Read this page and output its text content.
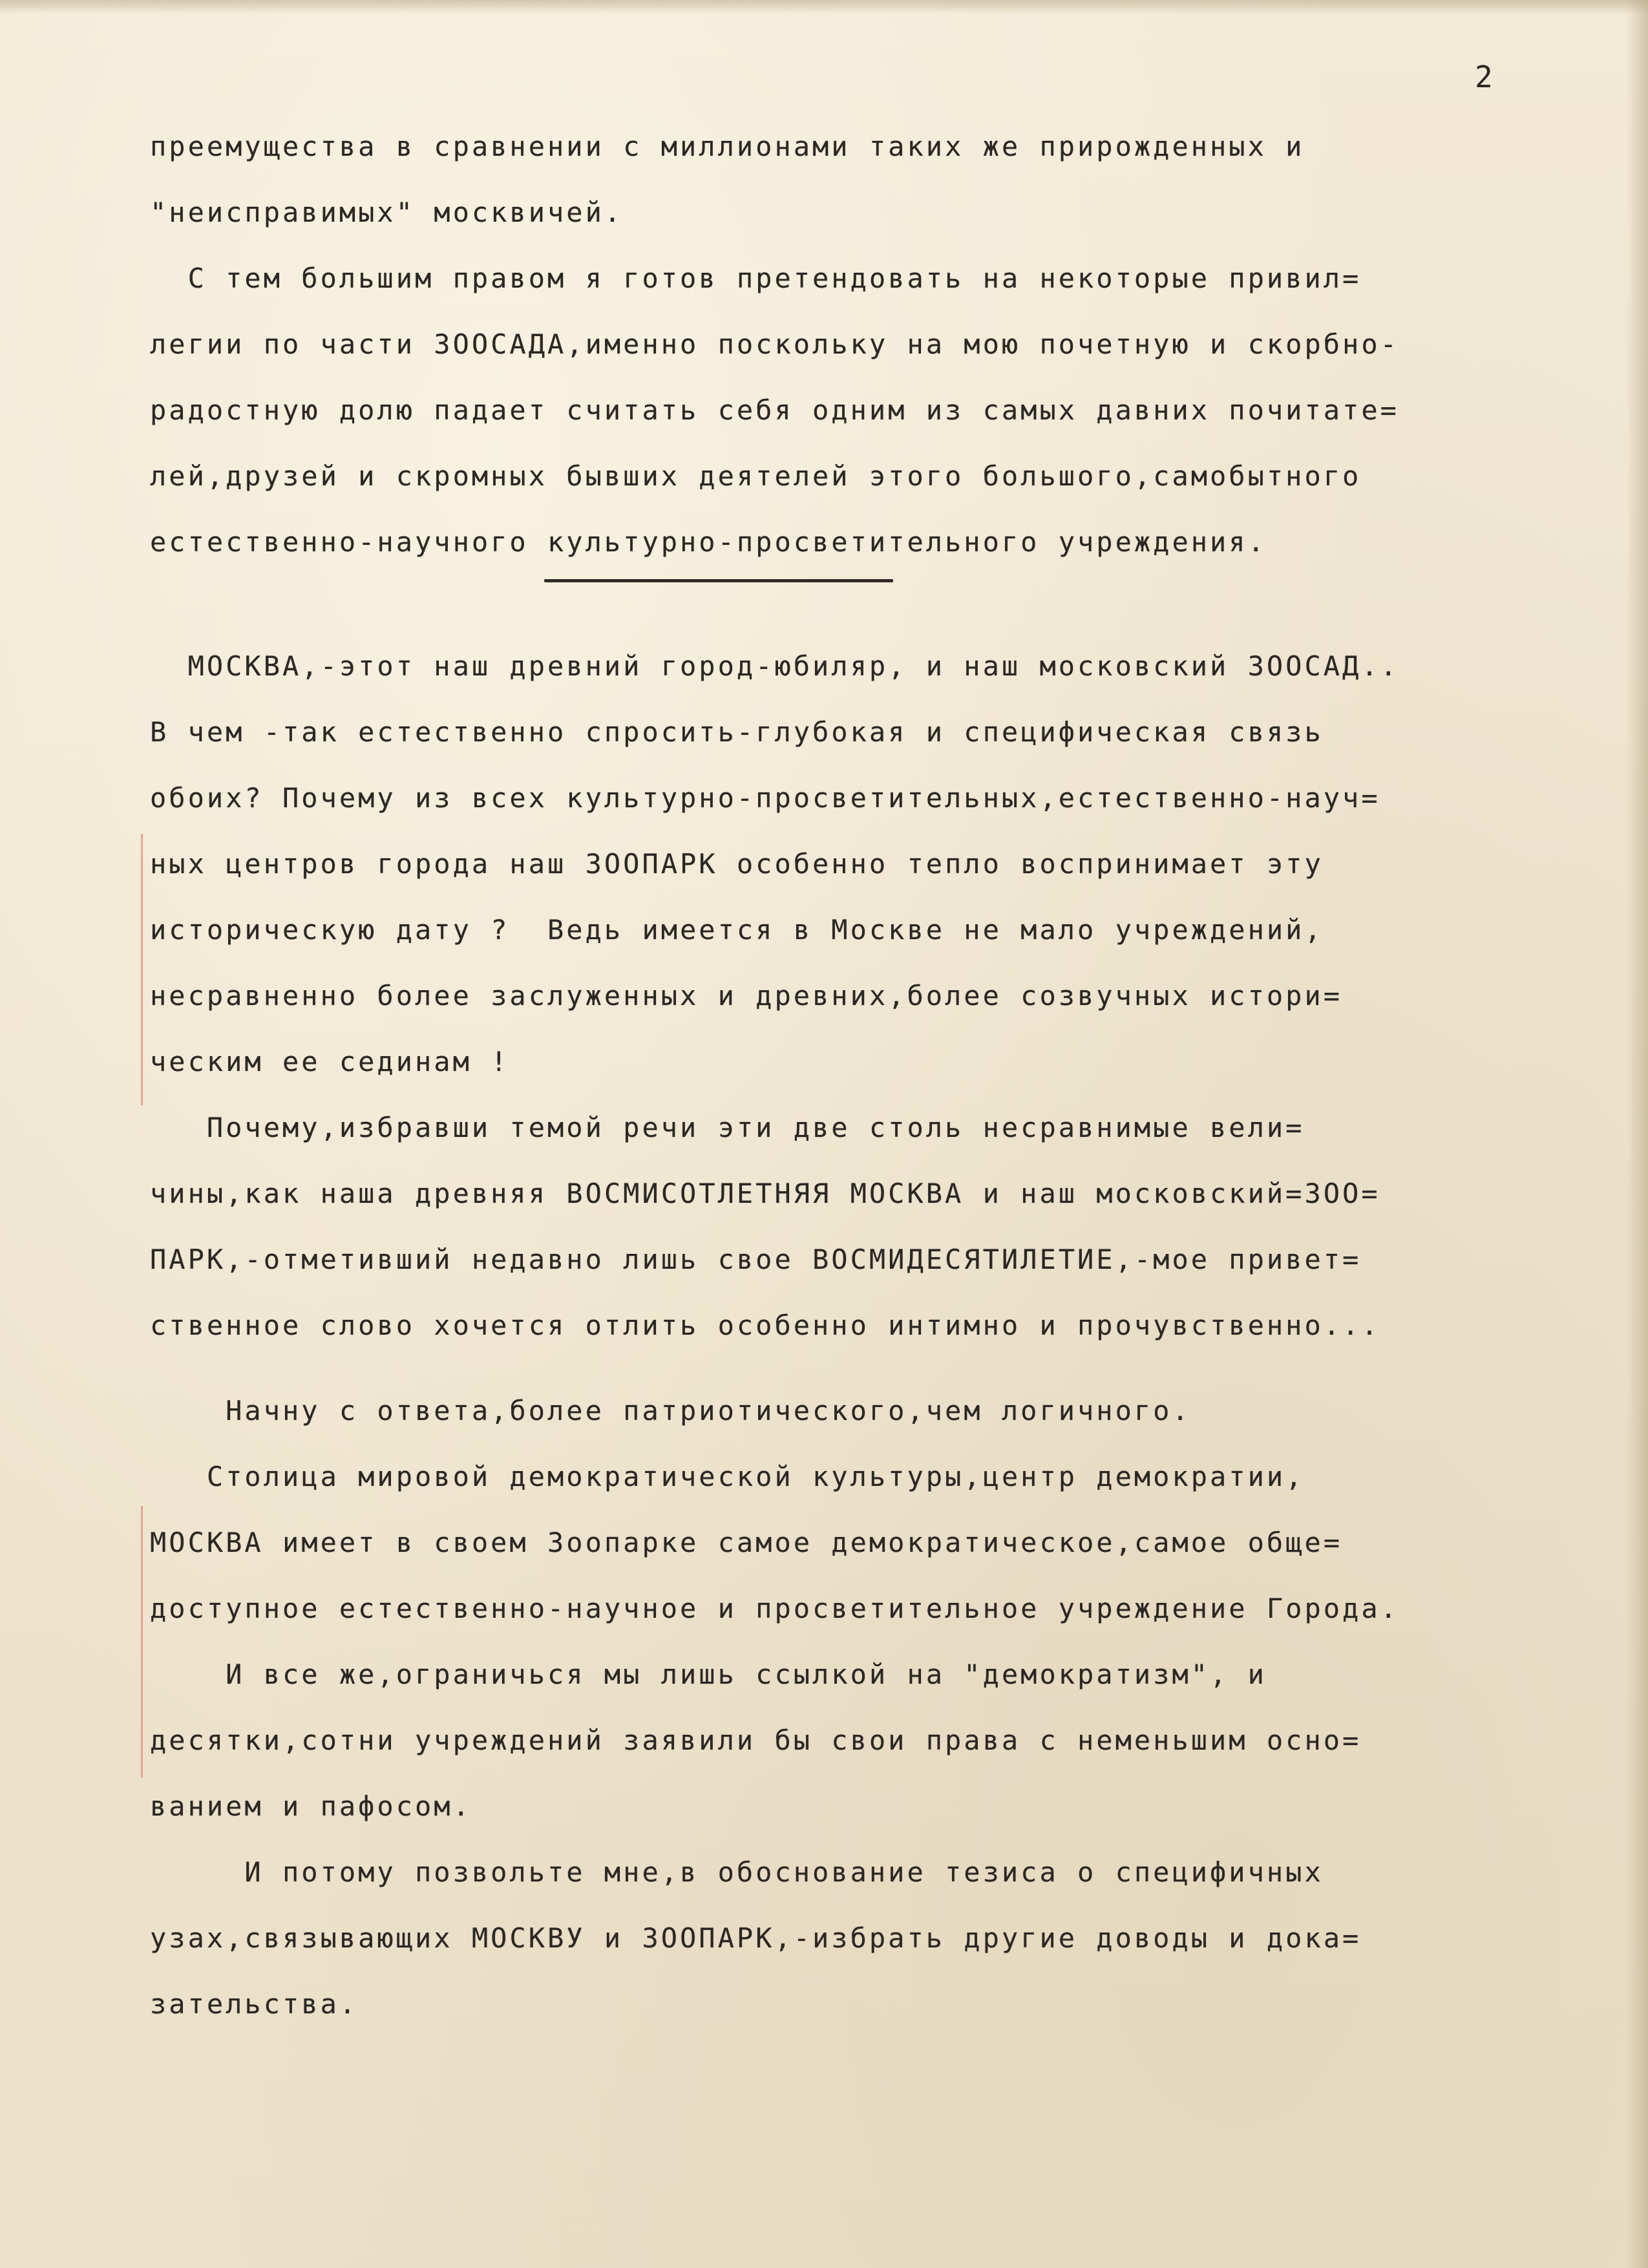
2

преемущества в сравнении с миллионами таких же прирожденных и

"неисправимых" москвичей.

С тем большим правом я готов претендовать на некоторые привил=

легии по части ЗООСАДА,именно поскольку на мою почетную и скорбно-

радостную долю падает считать себя одним из самых давних почитате=

лей,друзей и скромных бывших деятелей этого большого,самобытного

естественно-научного культурно-просветительного учреждения.

МОСКВА,-этот наш древний город-юбиляр, и наш московский ЗООСАД..

В чем -так естественно спросить-глубокая и специфическая связь

обоих? Почему из всех культурно-просветительных,естественно-науч=

ных центров города наш ЗООПАРК особенно тепло воспринимает эту

историческую дату ?  Ведь имеется в Москве не мало учреждений,

несравненно более заслуженных и древних,более созвучных истори=

ческим ее сединам !

Почему,избравши темой речи эти две столь несравнимые вели=

чины,как наша древняя ВОСМИСОТЛЕТНЯЯ МОСКВА и наш московский=ЗОО=

ПАРК,-отметивший недавно лишь свое ВОСМИДЕСЯТИЛЕТИЕ,-мое привет=

ственное слово хочется отлить особенно интимно и прочувственно...

Начну с ответа,более патриотического,чем логичного.

Столица мировой демократической культуры,центр демократии,

МОСКВА имеет в своем Зоопарке самое демократическое,самое обще=

доступное естественно-научное и просветительное учреждение Города.

И все же,ограничься мы лишь ссылкой на "демократизм", и

десятки,сотни учреждений заявили бы свои права с неменьшим осно=

ванием и пафосом.

И потому позвольте мне,в обоснование тезиса о специфичных

узах,связывающих МОСКВУ и ЗООПАРК,-избрать другие доводы и дока=

зательства.
